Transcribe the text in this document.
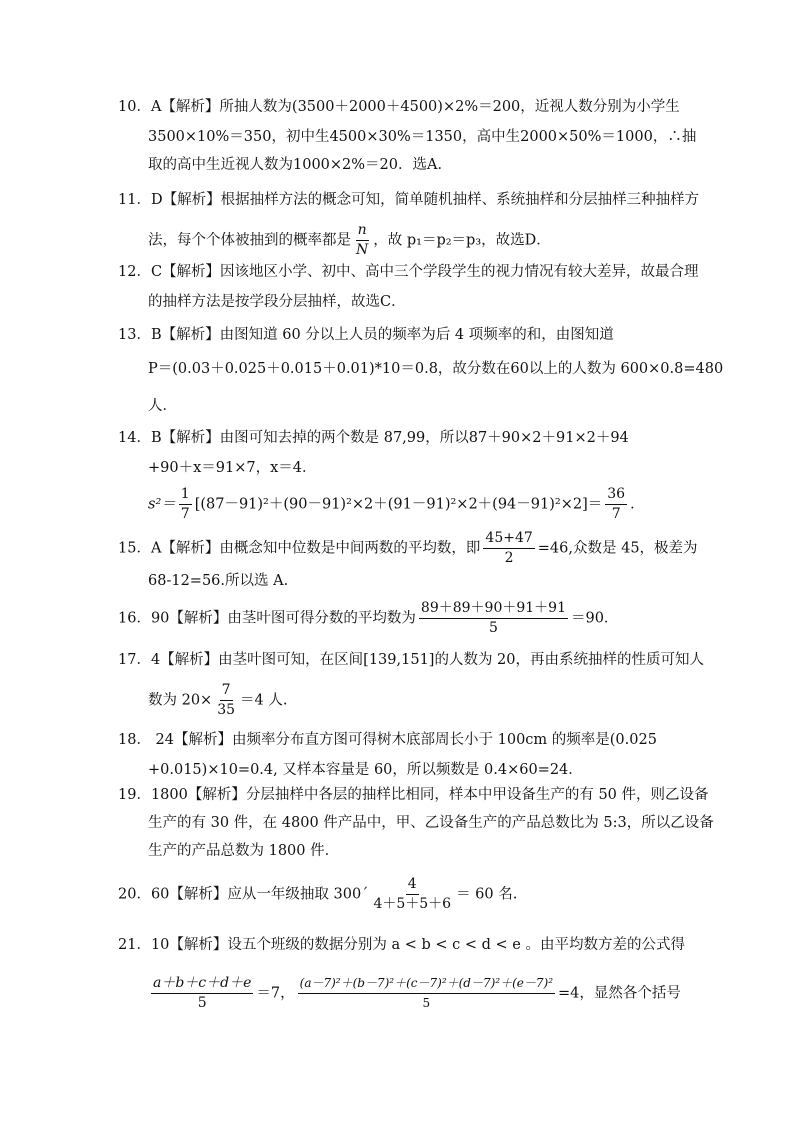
10．A【解析】所抽人数为(3500＋2000＋4500)×2%＝200，近视人数分别为小学生
3500×10%＝350，初中生4500×30%＝1350，高中生2000×50%＝1000，∴抽
取的高中生近视人数为1000×2%＝20．选A．
11．D【解析】根据抽样方法的概念可知，简单随机抽样、系统抽样和分层抽样三种抽样方
法，每个个体被抽到的概率都是 $\frac{n}{N}$ ，故 p₁＝p₂＝p₃，故选D．
12．C【解析】因该地区小学、初中、高中三个学段学生的视力情况有较大差异，故最合理
的抽样方法是按学段分层抽样，故选C．
13．B【解析】由图知道 60 分以上人员的频率为后 4 项频率的和，由图知道
P＝(0.03＋0.025＋0.015＋0.01)*10＝0.8，故分数在60以上的人数为 600×0.8=480
人．
14．B【解析】由图可知去掉的两个数是 87,99，所以87＋90×2＋91×2＋94
+90＋x＝91×7，x＝4．
$s^2= \frac{1}{7} [(87-91)^2+(90-91)^2\times 2+(91-91)^2\times 2+(94-91)^2\times 2]= \frac{36}{7}$ ．
15．A【解析】由概念知中位数是中间两数的平均数，即 $\frac{45+47}{2} =46$,众数是 45，极差为
68-12=56.所以选 A.
16．90【解析】由茎叶图可得分数的平均数为 $\frac{89+89+90+91+91}{5} =90$．
17．4【解析】由茎叶图可知，在区间[139,151]的人数为 20，再由系统抽样的性质可知人
数为 $20\times \frac{7}{35} =4$ 人.
18． 24【解析】由频率分布直方图可得树木底部周长小于 100cm 的频率是(0.025
+0.015)×10=0.4, 又样本容量是 60，所以频数是 0.4×60=24．
19．1800【解析】分层抽样中各层的抽样比相同，样本中甲设备生产的有 50 件，则乙设备
生产的有 30 件，在 4800 件产品中，甲、乙设备生产的产品总数比为 5:3，所以乙设备
生产的产品总数为 1800 件．
20．60【解析】应从一年级抽取 300´ $\frac{4}{4+5+5+6} = 60$ 名.
21．10【解析】设五个班级的数据分别为 a < b < c < d < e 。由平均数方差的公式得
$\frac{a+b+c+d+e}{5} =7$， $\frac{\text{(a－7)²＋(b－7)²＋(c－7)²＋(d－7)²＋(e－7)²}}{5} =4$，显然各个括号
